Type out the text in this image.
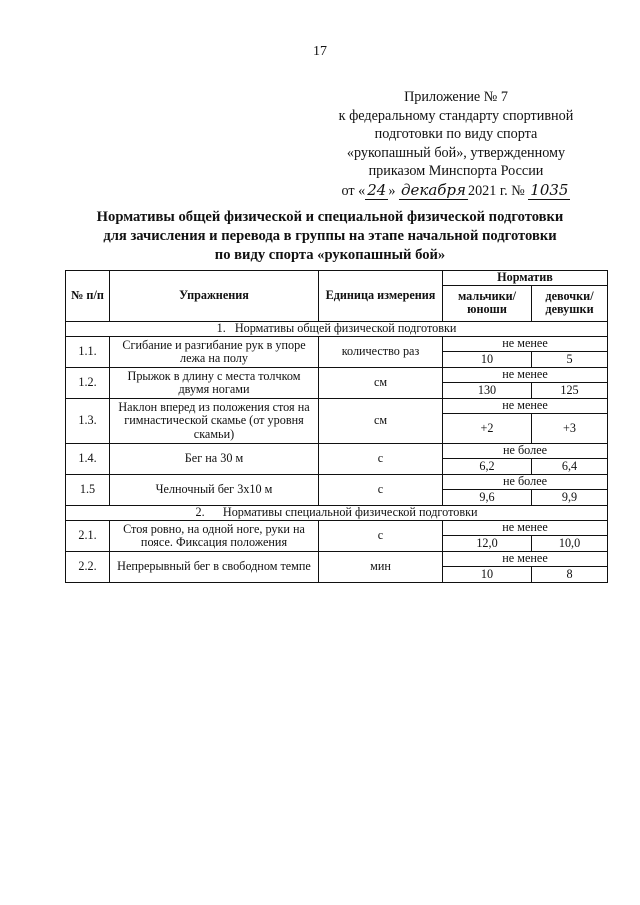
17
Приложение № 7
к федеральному стандарту спортивной
подготовки по виду спорта
«рукопашный бой», утвержденному
приказом Минспорта России
от « 24 » декабря 2021 г. № 1035
Нормативы общей физической и специальной физической подготовки
для зачисления и перевода в группы на этапе начальной подготовки
по виду спорта «рукопашный бой»
№ п/п	Упражнения	Единица измерения	Норматив	
			мальчики/ юноши	девочки/ девушки
1.   Нормативы общей физической подготовки				
1.1.	Сгибание и разгибание рук в упоре лежа на полу	количество раз	не менее	
			10	5
1.2.	Прыжок в длину с места толчком двумя ногами	см	не менее	
			130	125
1.3.	Наклон вперед из положения стоя на гимнастической скамье (от уровня скамьи)	см	не менее	
			+2	+3
1.4.	Бег на 30 м	с	не более	
			6,2	6,4
1.5	Челночный бег 3х10 м	с	не более	
			9,6	9,9
2.      Нормативы специальной физической подготовки				
2.1.	Стоя ровно, на одной ноге, руки на поясе. Фиксация положения	с	не менее	
			12,0	10,0
2.2.	Непрерывный бег в свободном темпе	мин	не менее	
			10	8
